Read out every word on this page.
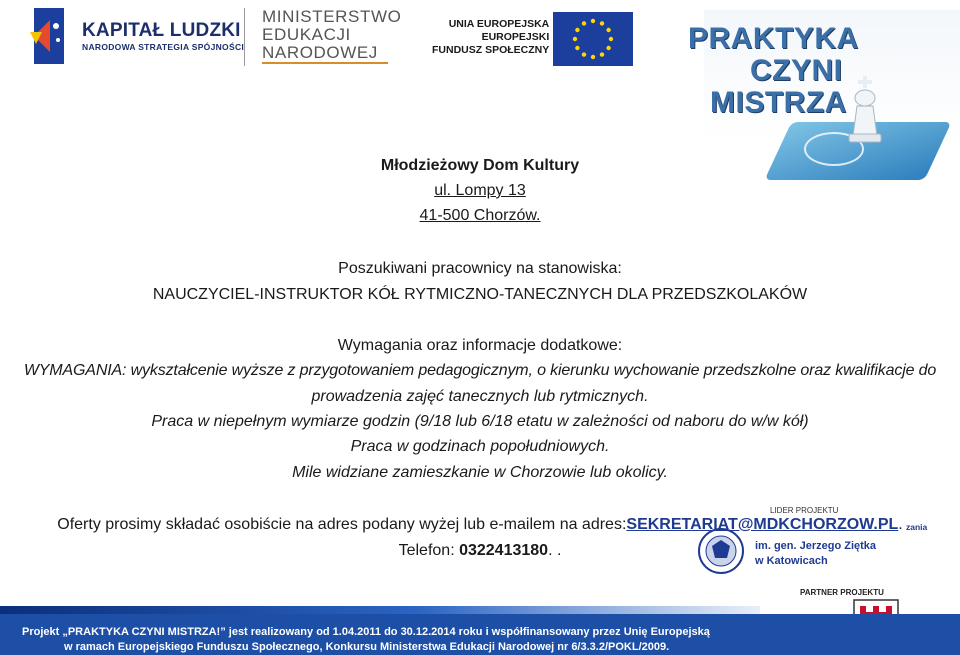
KAPITAŁ LUDZKI
NARODOWA STRATEGIA SPÓJNOŚCI
MINISTERSTWO
EDUKACJI
NARODOWEJ
UNIA EUROPEJSKA
EUROPEJSKI
FUNDUSZ SPOŁECZNY	PRAKTYKA
CZYNI
MISTRZA
Młodzieżowy Dom Kultury
ul. Lompy 13
41-500 Chorzów.
Poszukiwani pracownicy na stanowiska:
NAUCZYCIEL-INSTRUKTOR KÓŁ RYTMICZNO-TANECZNYCH DLA PRZEDSZKOLAKÓW
Wymagania oraz informacje dodatkowe:
WYMAGANIA: wykształcenie wyższe z przygotowaniem pedagogicznym, o kierunku wychowanie przedszkolne oraz kwalifikacje do
prowadzenia zajęć tanecznych lub rytmicznych.
Praca w niepełnym wymiarze godzin (9/18 lub 6/18 etatu w zależności od naboru do w/w kół)
Praca w godzinach popołudniowych.
Mile widziane zamieszkanie w Chorzowie lub okolicy.
LIDER PROJEKTU
zania
im. gen. Jerzego Ziętka
w Katowicach
Oferty prosimy składać osobiście na adres podany wyżej lub e-mailem na adres:SEKRETARIAT@MDKCHORZOW.PL.
Telefon: 0322413180. .
PARTNER PROJEKTU
Projekt „PRAKTYKA CZYNI MISTRZA!” jest realizowany od 1.04.2011 do 30.12.2014 roku i współfinansowany przez Unię Europejską
w ramach Europejskiego Funduszu Społecznego, Konkursu Ministerstwa Edukacji Narodowej nr 6/3.3.2/POKL/2009.
